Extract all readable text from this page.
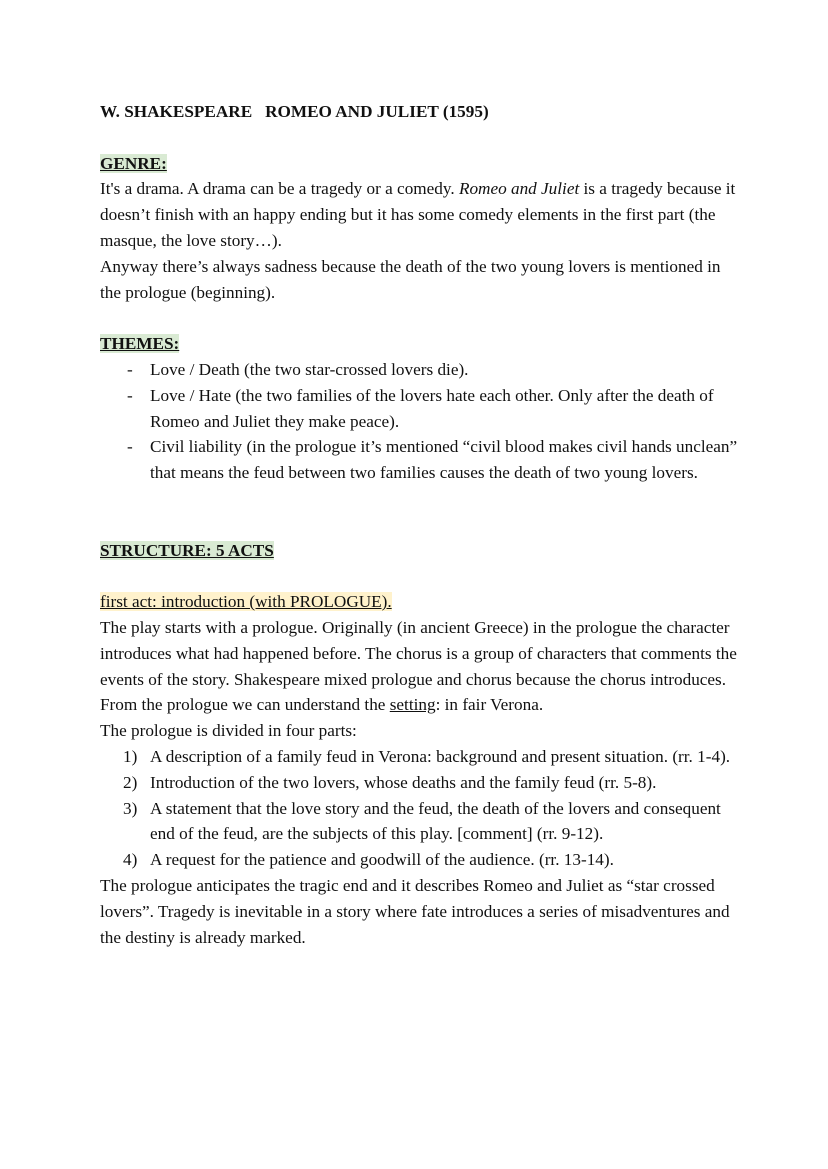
W. SHAKESPEARE   ROMEO AND JULIET (1595)

GENRE:

It's a drama. A drama can be a tragedy or a comedy. Romeo and Juliet is a tragedy because it doesn’t finish with an happy ending but it has some comedy elements in the first part (the masque, the love story…).

Anyway there’s always sadness because the death of the two young lovers is mentioned in the prologue (beginning).

THEMES:

- Love / Death (the two star-crossed lovers die).
- Love / Hate (the two families of the lovers hate each other. Only after the death of Romeo and Juliet they make peace).
- Civil liability (in the prologue it’s mentioned “civil blood makes civil hands unclean” that means the feud between two families causes the death of two young lovers.

STRUCTURE: 5 ACTS

first act: introduction (with PROLOGUE).

The play starts with a prologue. Originally (in ancient Greece) in the prologue the character introduces what had happened before. The chorus is a group of characters that comments the events of the story. Shakespeare mixed prologue and chorus because the chorus introduces.

From the prologue we can understand the setting: in fair Verona.

The prologue is divided in four parts:

1) A description of a family feud in Verona: background and present situation. (rr. 1-4).
2) Introduction of the two lovers, whose deaths and the family feud (rr. 5-8).
3) A statement that the love story and the feud, the death of the lovers and consequent end of the feud, are the subjects of this play. [comment] (rr. 9-12).
4) A request for the patience and goodwill of the audience. (rr. 13-14).

The prologue anticipates the tragic end and it describes Romeo and Juliet as “star crossed lovers”. Tragedy is inevitable in a story where fate introduces a series of misadventures and the destiny is already marked.
